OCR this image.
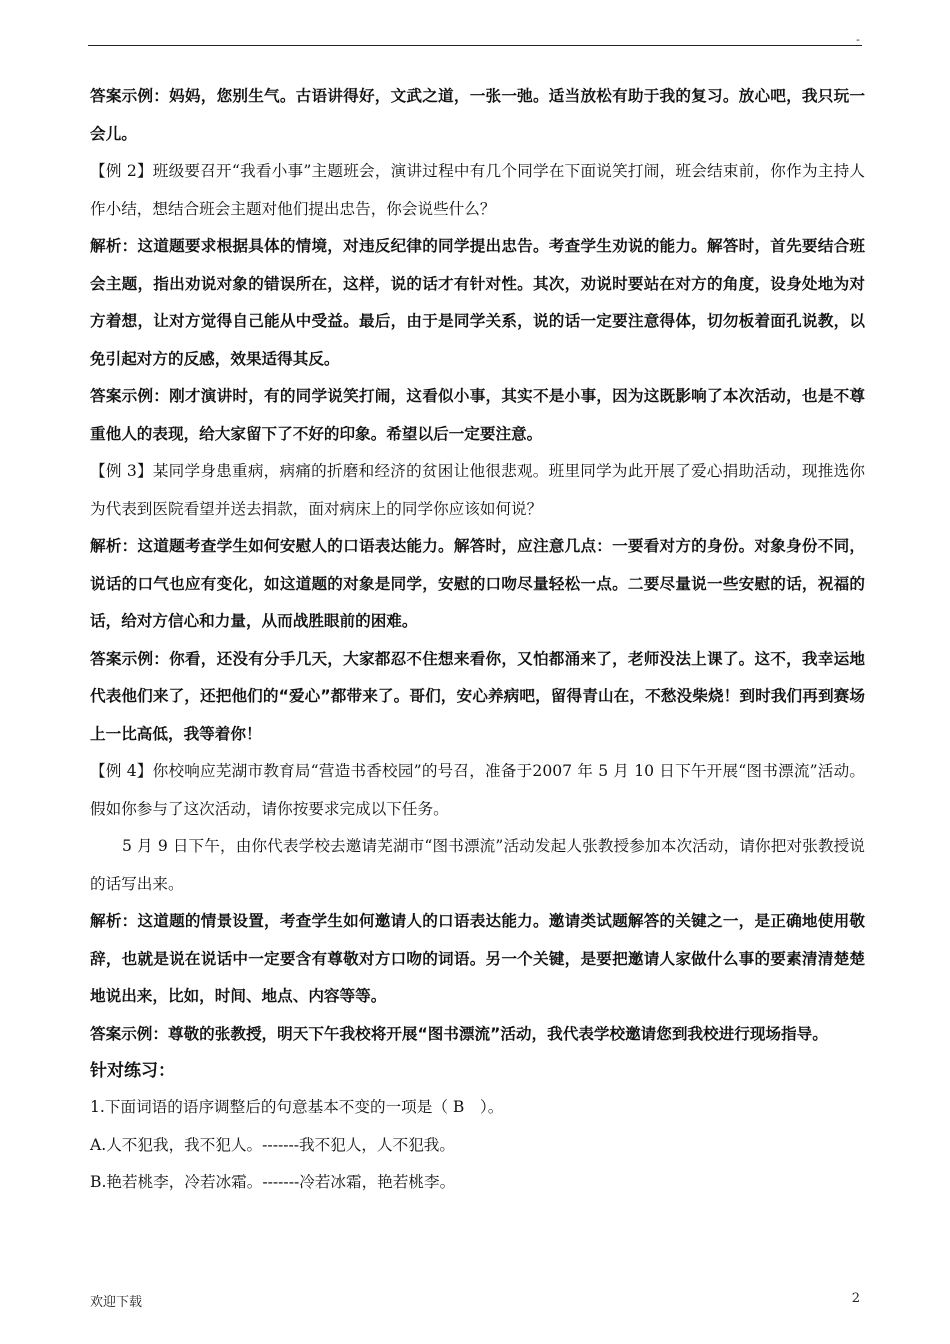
-

答案示例：妈妈，您别生气。古语讲得好，文武之道，一张一弛。适当放松有助于我的复习。放心吧，我只玩一会儿。

【例 2】班级要召开“我看小事”主题班会，演讲过程中有几个同学在下面说笑打闹，班会结束前，你作为主持人作小结，想结合班会主题对他们提出忠告，你会说些什么？

解析：这道题要求根据具体的情境，对违反纪律的同学提出忠告。考查学生劝说的能力。解答时，首先要结合班会主题，指出劝说对象的错误所在，这样，说的话才有针对性。其次，劝说时要站在对方的角度，设身处地为对方着想，让对方觉得自己能从中受益。最后，由于是同学关系，说的话一定要注意得体，切勿板着面孔说教，以免引起对方的反感，效果适得其反。

答案示例：刚才演讲时，有的同学说笑打闹，这看似小事，其实不是小事，因为这既影响了本次活动，也是不尊重他人的表现，给大家留下了不好的印象。希望以后一定要注意。

【例 3】某同学身患重病，病痛的折磨和经济的贫困让他很悲观。班里同学为此开展了爱心捐助活动，现推选你为代表到医院看望并送去捐款，面对病床上的同学你应该如何说？

解析：这道题考查学生如何安慰人的口语表达能力。解答时，应注意几点：一要看对方的身份。对象身份不同，说话的口气也应有变化，如这道题的对象是同学，安慰的口吻尽量轻松一点。二要尽量说一些安慰的话，祝福的话，给对方信心和力量，从而战胜眼前的困难。

答案示例：你看，还没有分手几天，大家都忍不住想来看你，又怕都涌来了，老师没法上课了。这不，我幸运地代表他们来了，还把他们的“爱心”都带来了。哥们，安心养病吧，留得青山在，不愁没柴烧！到时我们再到赛场上一比高低，我等着你！

【例 4】你校响应芜湖市教育局“营造书香校园”的号召，准备于2007 年 5 月 10 日下午开展“图书漂流”活动。假如你参与了这次活动，请你按要求完成以下任务。

5 月 9 日下午，由你代表学校去邀请芜湖市“图书漂流”活动发起人张教授参加本次活动，请你把对张教授说的话写出来。

解析：这道题的情景设置，考查学生如何邀请人的口语表达能力。邀请类试题解答的关键之一，是正确地使用敬辞，也就是说在说话中一定要含有尊敬对方口吻的词语。另一个关键，是要把邀请人家做什么事的要素清清楚楚地说出来，比如，时间、地点、内容等等。

答案示例：尊敬的张教授，明天下午我校将开展“图书漂流”活动，我代表学校邀请您到我校进行现场指导。

针对练习：

1.下面词语的语序调整后的句意基本不变的一项是（ B　）。

A.人不犯我，我不犯人。-------我不犯人，人不犯我。

B.艳若桃李，冷若冰霜。-------冷若冰霜，艳若桃李。

欢迎下载	2
